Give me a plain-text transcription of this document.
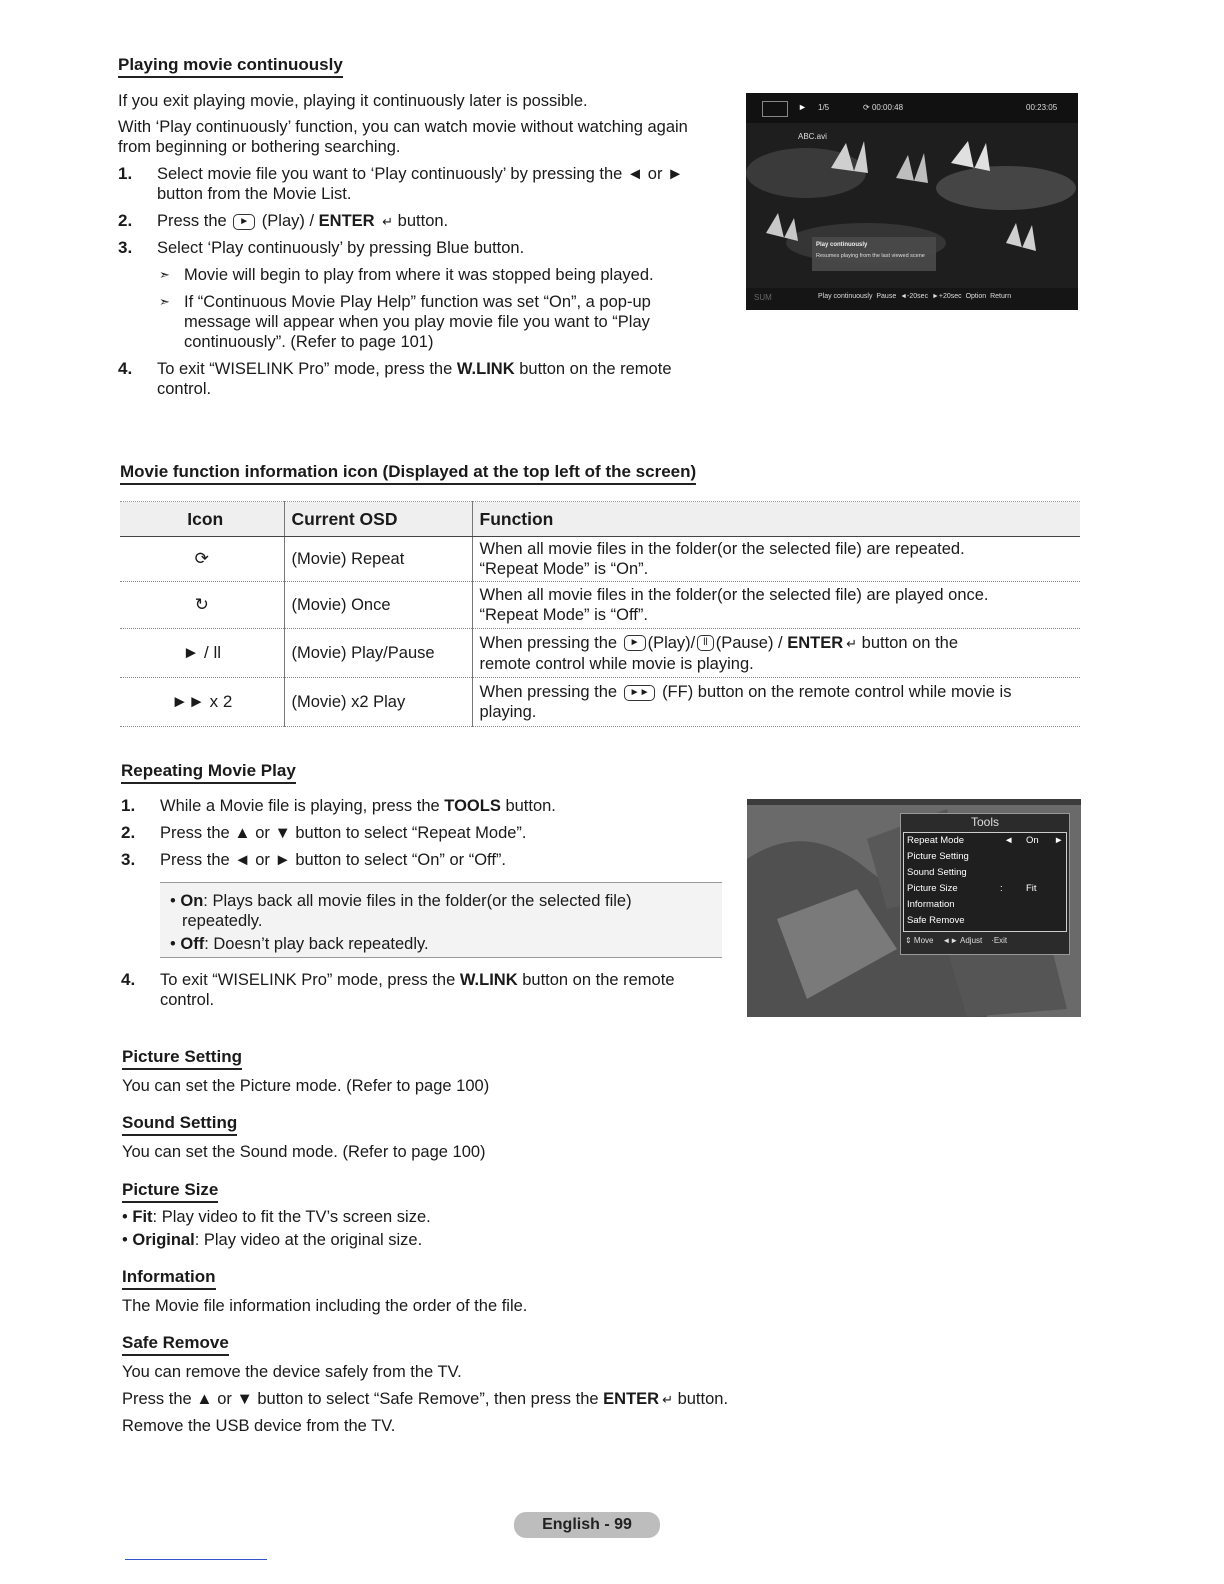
Playing movie continuously
If you exit playing movie, playing it continuously later is possible.
With ‘Play continuously’ function, you can watch movie without watching again
from beginning or bothering searching.
1. Select movie file you want to ‘Play continuously’ by pressing the ◄ or ►
button from the Movie List.
2. Press the ► (Play) / ENTER ↵ button.
3. Select ‘Play continuously’ by pressing Blue button.
➣ Movie will begin to play from where it was stopped being played.
➣ If “Continuous Movie Play Help” function was set “On”, a pop-up
message will appear when you play movie file you want to “Play
continuously”. (Refer to page 101)
4. To exit “WISELINK Pro” mode, press the W.LINK button on the remote
control.
► 1/5	⟳ 00:00:48	00:23:05
ABC.avi
Play continuously
Resumes playing from the last viewed scene
SUM	Play continuously Pause ◄-20sec ►+20sec Option Return
Movie function information icon (Displayed at the top left of the screen)
Icon	Current OSD	Function
⟳	(Movie) Repeat	When all movie files in the folder(or the selected file) are repeated.
“Repeat Mode” is “On”.

↻	(Movie) Once	When all movie files in the folder(or the selected file) are played once.
“Repeat Mode” is “Off”.

► / ll	(Movie) Play/Pause	When pressing the ► (Play)/ ll (Pause) / ENTER ↵ button on the
remote control while movie is playing.

►► x 2	(Movie) x2 Play	When pressing the ►► (FF) button on the remote control while movie is
playing.
Repeating Movie Play
1. While a Movie file is playing, press the TOOLS button.
2. Press the ▲ or ▼ button to select “Repeat Mode”.
3. Press the ◄ or ► button to select “On” or “Off”.
• On: Plays back all movie files in the folder(or the selected file)
repeatedly.
• Off: Doesn’t play back repeatedly.
4. To exit “WISELINK Pro” mode, press the W.LINK button on the remote
control.
Tools
Repeat Mode	◄ On ►
Picture Setting
Sound Setting
Picture Size	: Fit
Information
Safe Remove
⇕ Move ◄► Adjust ·Exit
Picture Setting
You can set the Picture mode. (Refer to page 100)
Sound Setting
You can set the Sound mode. (Refer to page 100)
Picture Size
• Fit: Play video to fit the TV’s screen size.
• Original: Play video at the original size.
Information
The Movie file information including the order of the file.
Safe Remove
You can remove the device safely from the TV.
Press the ▲ or ▼ button to select “Safe Remove”, then press the ENTER ↵ button.
Remove the USB device from the TV.
English - 99
